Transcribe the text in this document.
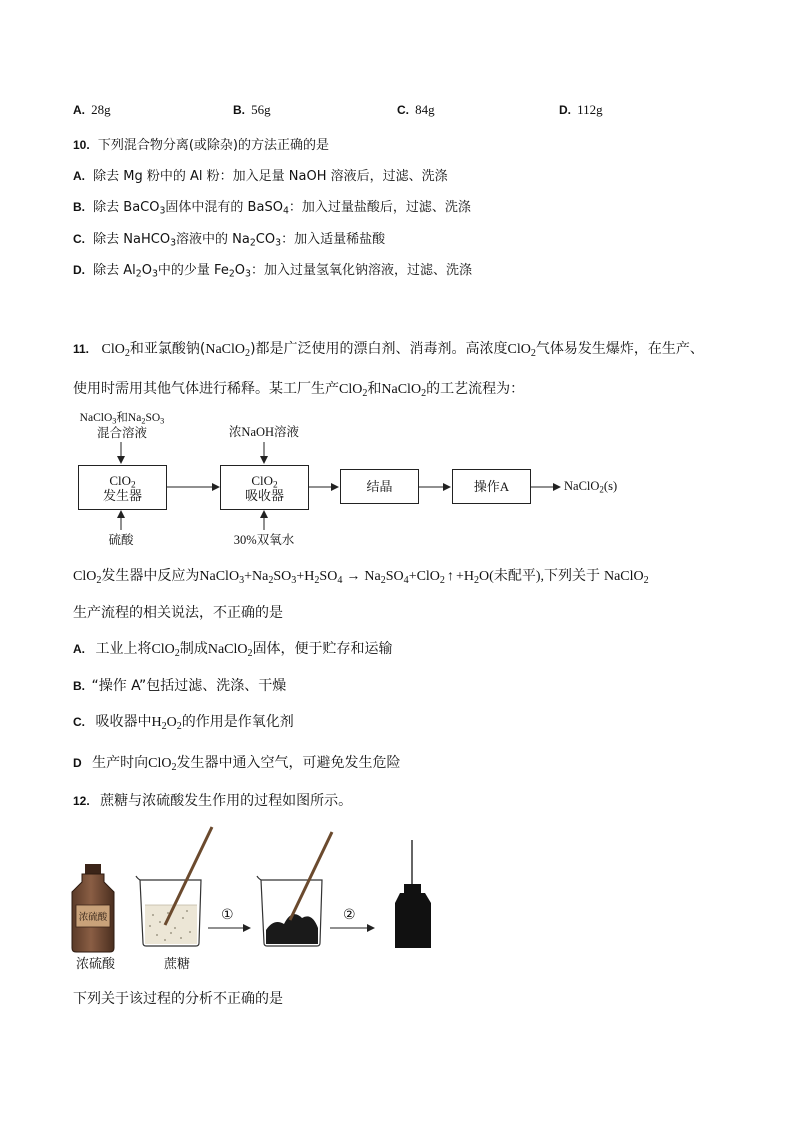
A. 28g	B. 56g	C. 84g	D. 112g
10. 下列混合物分离(或除杂)的方法正确的是
A. 除去 Mg 粉中的 Al 粉：加入足量 NaOH 溶液后，过滤、洗涤
B. 除去 BaCO$_3$固体中混有的 BaSO$_4$：加入过量盐酸后，过滤、洗涤
C. 除去 NaHCO$_3$溶液中的 $Na_2CO_3$：加入适量稀盐酸
D. 除去 $Al_2O_3$中的少量 $Fe_2O_3$：加入过量氢氧化钠溶液，过滤、洗涤
11. ClO$_2$和亚氯酸钠(NaClO$_2$)都是广泛使用的漂白剂、消毒剂。高浓度ClO$_2$气体易发生爆炸，在生产、
使用时需用其他气体进行稀释。某工厂生产ClO$_2$和NaClO$_2$的工艺流程为：
NaClO$_3$和$Na_2SO_3$
混合溶液
ClO$_2$
发生器
硫酸
浓NaOH溶液
ClO$_2$
吸收器
30%双氧水
结晶	操作A	NaClO$_2$(s)
ClO$_2$发生器中反应为$NaClO_3+Na_2SO_3+H_2SO_4 \to Na_2SO_4+ClO_2$ ↑ $+H_2O$(未配平),下列关于 NaClO$_2$
生产流程的相关说法，不正确的是
A. 工业上将ClO$_2$制成NaClO$_2$固体，便于贮存和运输
B. “操作 A”包括过滤、洗涤、干燥
C. 吸收器中$H_2O_2$的作用是作氧化剂
D 生产时向ClO$_2$发生器中通入空气，可避免发生危险
12. 蔗糖与浓硫酸发生作用的过程如图所示。
浓硫酸	①	②
浓硫酸	蔗糖
下列关于该过程的分析不正确的是
